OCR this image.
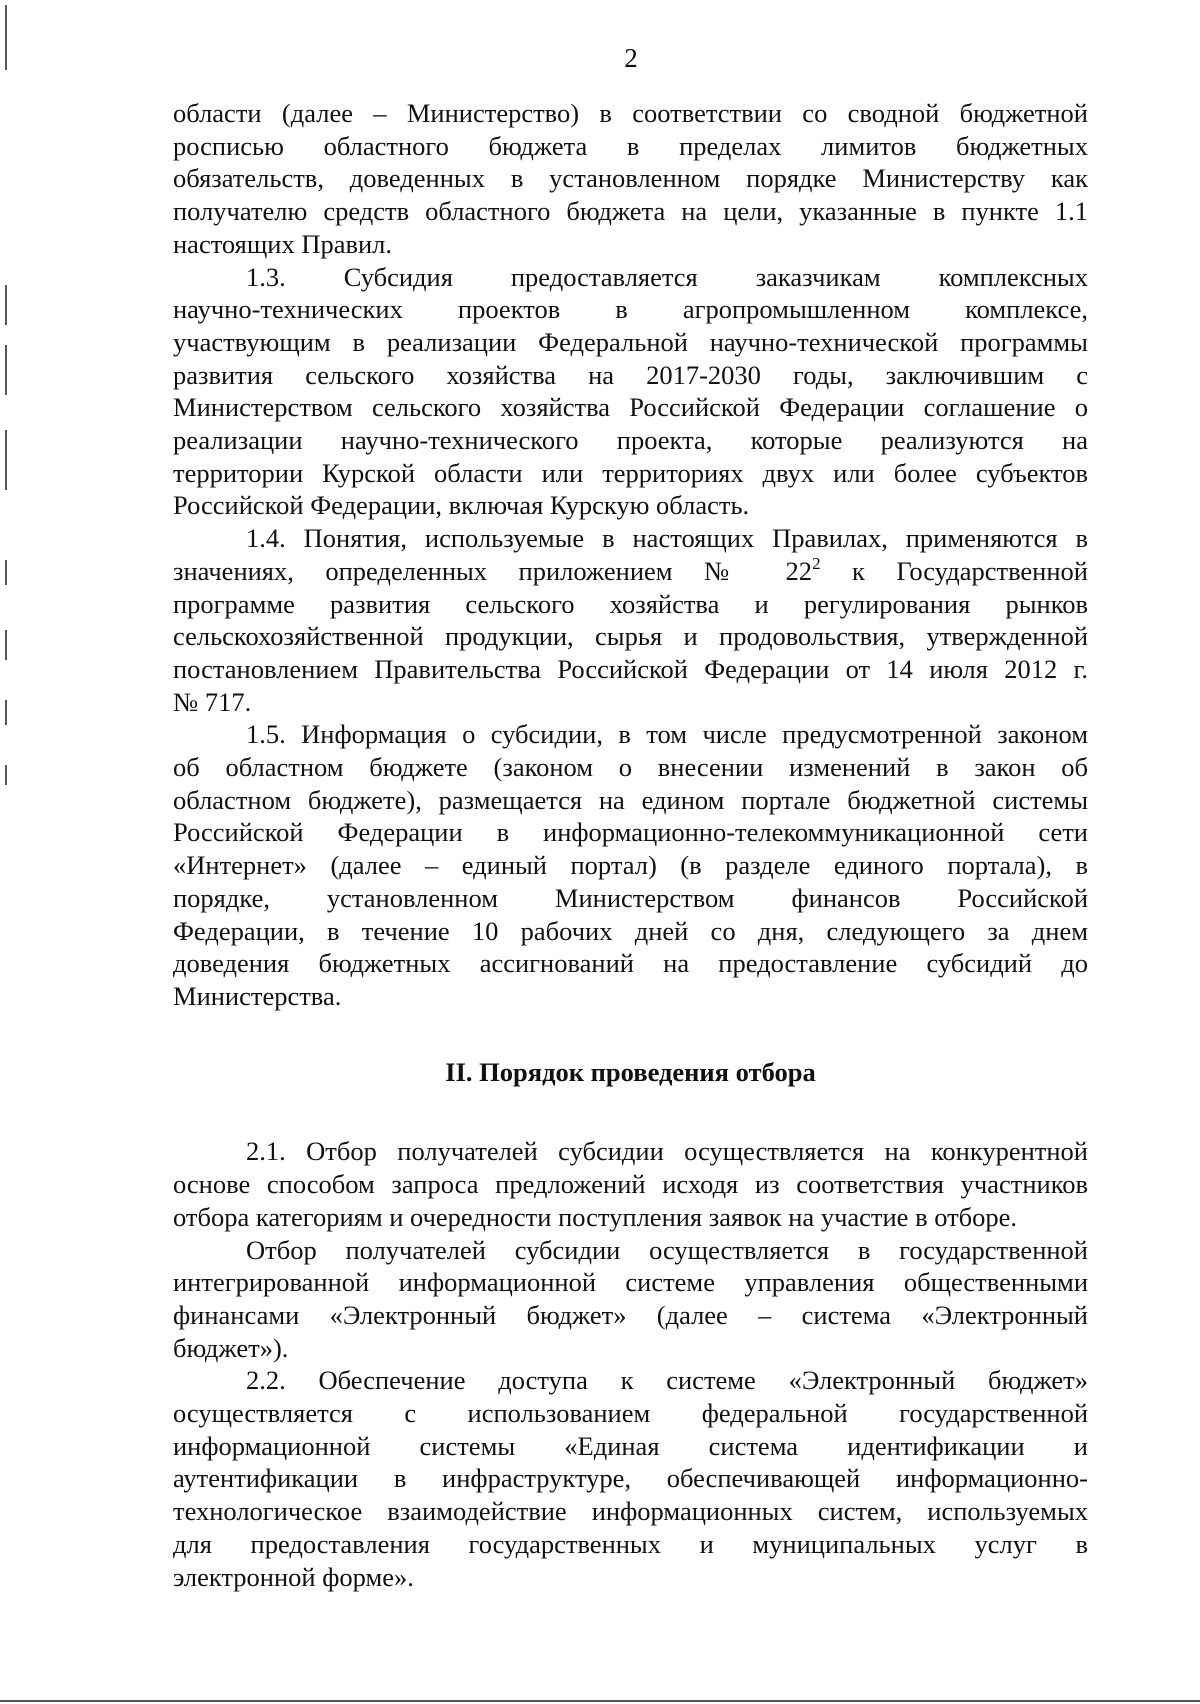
2

области (далее – Министерство) в соответствии со сводной бюджетной
росписью областного бюджета в пределах лимитов бюджетных
обязательств, доведенных в установленном порядке Министерству как
получателю средств областного бюджета на цели, указанные в пункте 1.1
настоящих Правил.

1.3. Субсидия предоставляется заказчикам комплексных
научно-технических проектов в агропромышленном комплексе,
участвующим в реализации Федеральной научно-технической программы
развития сельского хозяйства на 2017-2030 годы, заключившим с
Министерством сельского хозяйства Российской Федерации соглашение о
реализации научно-технического проекта, которые реализуются на
территории Курской области или территориях двух или более субъектов
Российской Федерации, включая Курскую область.

1.4. Понятия, используемые в настоящих Правилах, применяются в
значениях, определенных приложением № $22^2$ к Государственной
программе развития сельского хозяйства и регулирования рынков
сельскохозяйственной продукции, сырья и продовольствия, утвержденной
постановлением Правительства Российской Федерации от 14 июля 2012 г.
№ 717.

1.5. Информация о субсидии, в том числе предусмотренной законом
об областном бюджете (законом о внесении изменений в закон об
областном бюджете), размещается на едином портале бюджетной системы
Российской Федерации в информационно-телекоммуникационной сети
«Интернет» (далее – единый портал) (в разделе единого портала), в
порядке, установленном Министерством финансов Российской
Федерации, в течение 10 рабочих дней со дня, следующего за днем
доведения бюджетных ассигнований на предоставление субсидий до
Министерства.

II. Порядок проведения отбора

2.1. Отбор получателей субсидии осуществляется на конкурентной
основе способом запроса предложений исходя из соответствия участников
отбора категориям и очередности поступления заявок на участие в отборе.

Отбор получателей субсидии осуществляется в государственной
интегрированной информационной системе управления общественными
финансами «Электронный бюджет» (далее – система «Электронный
бюджет»).

2.2. Обеспечение доступа к системе «Электронный бюджет»
осуществляется с использованием федеральной государственной
информационной системы «Единая система идентификации и
аутентификации в инфраструктуре, обеспечивающей информационно-
технологическое взаимодействие информационных систем, используемых
для предоставления государственных и муниципальных услуг в
электронной форме».
